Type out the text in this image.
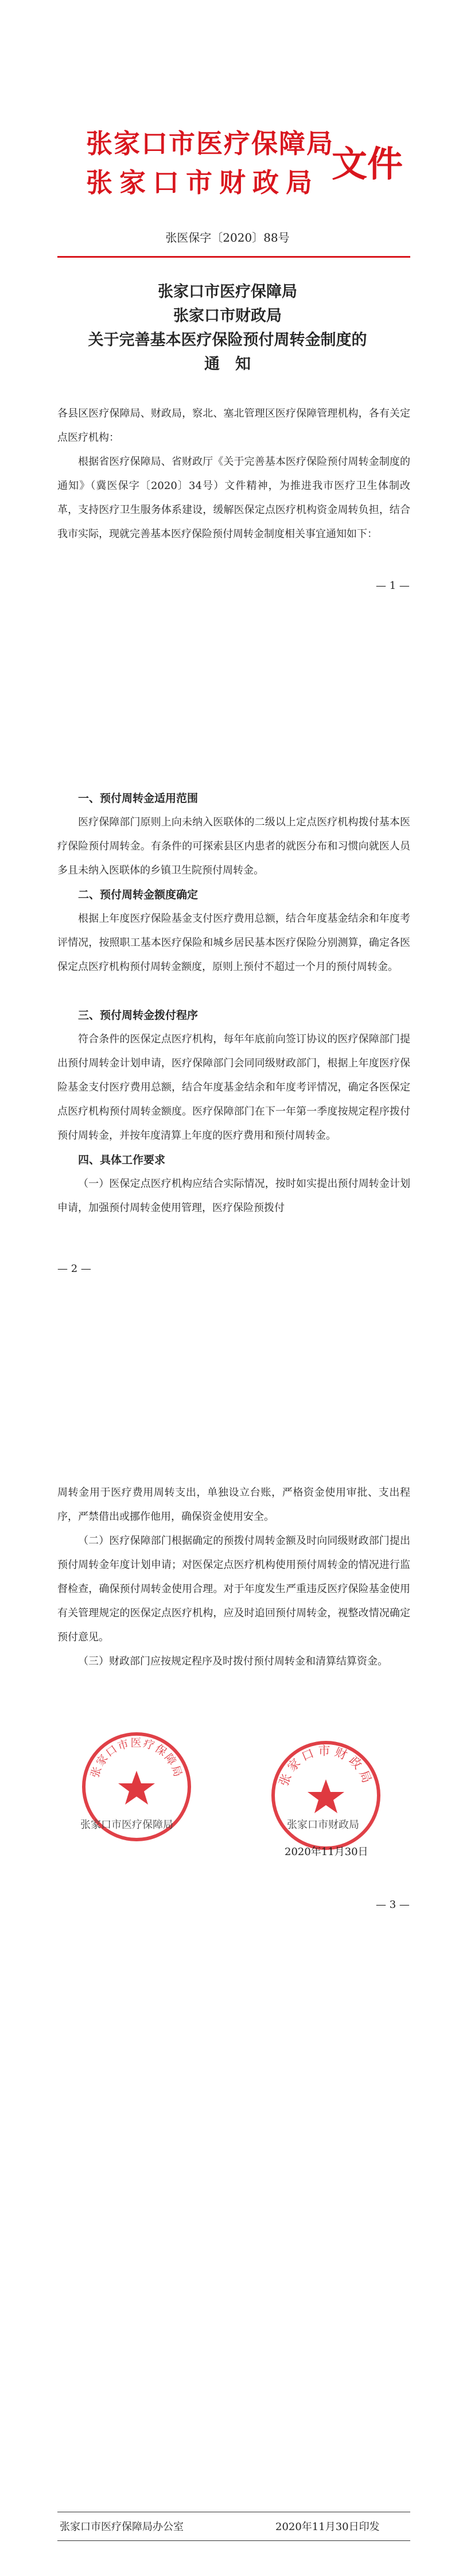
张家口市医疗保障局
张家口市财政局 文件
张医保字〔2020〕88号
张家口市医疗保障局
张家口市财政局
关于完善基本医疗保险预付周转金制度的
通　知
各县区医疗保障局、财政局，察北、塞北管理区医疗保障管理机构，各有关定点医疗机构：
根据省医疗保障局、省财政厅《关于完善基本医疗保险预付周转金制度的通知》（冀医保字〔2020〕34号）文件精神，为推进我市医疗卫生体制改革，支持医疗卫生服务体系建设，缓解医保定点医疗机构资金周转负担，结合我市实际，现就完善基本医疗保险预付周转金制度相关事宜通知如下：
— 1 —
一、预付周转金适用范围
医疗保障部门原则上向未纳入医联体的二级以上定点医疗机构拨付基本医疗保险预付周转金。有条件的可探索县区内患者的就医分布和习惯向就医人员多且未纳入医联体的乡镇卫生院预付周转金。
二、预付周转金额度确定
根据上年度医疗保险基金支付医疗费用总额，结合年度基金结余和年度考评情况，按照职工基本医疗保险和城乡居民基本医疗保险分别测算，确定各医保定点医疗机构预付周转金额度，原则上预付不超过一个月的预付周转金。
三、预付周转金拨付程序
符合条件的医保定点医疗机构，每年年底前向签订协议的医疗保障部门提出预付周转金计划申请，医疗保障部门会同同级财政部门，根据上年度医疗保险基金支付医疗费用总额，结合年度基金结余和年度考评情况，确定各医保定点医疗机构预付周转金额度。医疗保障部门在下一年第一季度按规定程序拨付预付周转金，并按年度清算上年度的医疗费用和预付周转金。
四、具体工作要求
（一）医保定点医疗机构应结合实际情况，按时如实提出预付周转金计划申请，加强预付周转金使用管理，医疗保险预拨付
— 2 —
周转金用于医疗费用周转支出，单独设立台账，严格资金使用审批、支出程序，严禁借出或挪作他用，确保资金使用安全。
（二）医疗保障部门根据确定的预拨付周转金额及时向同级财政部门提出预付周转金年度计划申请；对医保定点医疗机构使用预付周转金的情况进行监督检查，确保预付周转金使用合理。对于年度发生严重违反医疗保险基金使用有关管理规定的医保定点医疗机构，应及时追回预付周转金，视整改情况确定预付意见。
（三）财政部门应按规定程序及时拨付预付周转金和清算结算资金。
张家口市医疗保障局
张家口市医疗保障局
张家口市财政局
张家口市财政局
2020年11月30日
— 3 —
张家口市医疗保障局办公室	2020年11月30日印发
